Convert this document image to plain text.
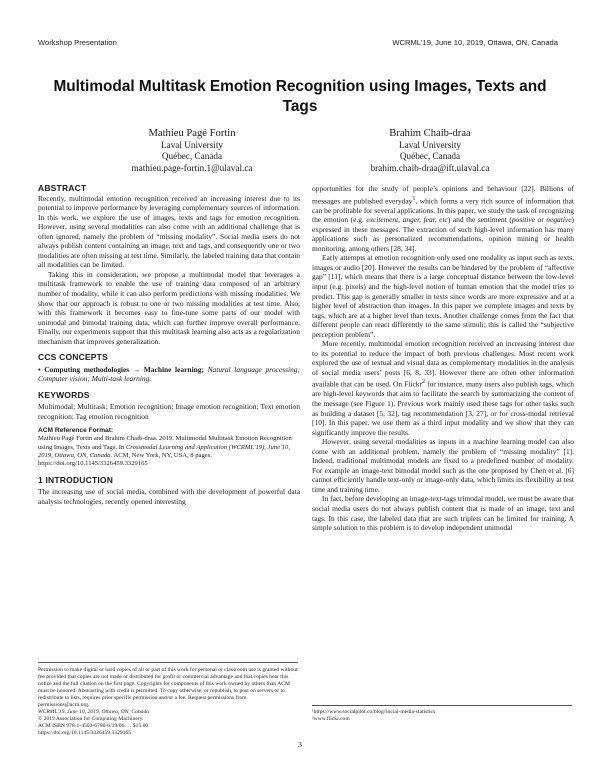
Workshop Presentation	WCRML'19, June 10, 2019, Ottawa, ON, Canada
Multimodal Multitask Emotion Recognition using Images, Texts and Tags
Mathieu Pagé Fortin
Laval University
Québec, Canada
mathieu.page-fortin.1@ulaval.ca
Brahim Chaib-draa
Laval University
Québec, Canada
brahim.chaib-draa@ift.ulaval.ca
ABSTRACT

Recently, multimodal emotion recognition received an increasing interest due to its potential to improve performance by leveraging complementary sources of information. In this work, we explore the use of images, texts and tags for emotion recognition. However, using several modalities can also come with an additional challenge that is often ignored, namely the problem of “missing modality”. Social media users do not always publish content containing an image, text and tags, and consequently one or two modalities are often missing at test time. Similarly, the labeled training data that contain all modalities can be limited.

Taking this in consideration, we propose a multimodal model that leverages a multitask framework to enable the use of training data composed of an arbitrary number of modality, while it can also perform predictions with missing modalities. We show that our approach is robust to one or two missing modalities at test time. Also, with this framework it becomes easy to fine-tune some parts of our model with unimodal and bimodal training data, which can further improve overall performance. Finally, our experiments support that this multitask learning also acts as a regularization mechanism that improves generalization.

CCS CONCEPTS

• Computing methodologies → Machine learning; Natural language processing; Computer vision; Multi-task learning.

KEYWORDS

Multimodal; Multitask; Emotion recognition; Image emotion recognition; Text emotion recognition; Tag emotion recognition

ACM Reference Format:

Mathieu Pagé Fortin and Brahim Chaib-draa. 2019. Multimodal Multitask Emotion Recognition using Images, Texts and Tags. In Crossmodal Learning and Application (WCRML'19), June 10, 2019, Ottawa, ON, Canada. ACM, New York, NY, USA, 8 pages. https://doi.org/10.1145/3326459.3329165

1 INTRODUCTION

The increasing use of social media, combined with the development of powerful data analysis technologies, recently opened interesting

Permission to make digital or hard copies of all or part of this work for personal or classroom use is granted without fee provided that copies are not made or distributed for profit or commercial advantage and that copies bear this notice and the full citation on the first page. Copyrights for components of this work owned by others than ACM must be honored. Abstracting with credit is permitted. To copy otherwise, or republish, to post on servers or to redistribute to lists, requires prior specific permission and/or a fee. Request permissions from permissions@acm.org.

WCRML'19, June 10, 2019, Ottawa, ON, Canada

© 2019 Association for Computing Machinery.

ACM ISBN 978-1-4503-6780-6/19/06. . . $15.00

https://doi.org/10.1145/3326459.3329165

opportunities for the study of people’s opinions and behaviour [22]. Billions of messages are published everyday$^1$, which forms a very rich source of information that can be profitable for several applications. In this paper, we study the task of recognizing the emotion (e.g. excitement, anger, fear, etc) and the sentiment (positive or negative) expressed in these messages. The extraction of such high-level information has many applications such as personalized recommendations, opinion mining or health monitoring, among others [28, 34].

Early attempts at emotion recognition only used one modality as input such as texts, images or audio [20]. However the results can be hindered by the problem of “affective gap” [11], which means that there is a large conceptual distance between the low-level input (e.g. pixels) and the high-level notion of human emotion that the model tries to predict. This gap is generally smaller in texts since words are more expressive and at a higher level of abstraction than images. In this paper we complete images and texts by tags, which are at a higher level than texts. Another challenge comes from the fact that different people can react differently to the same stimuli; this is called the “subjective perception problem”.

More recently, multimodal emotion recognition received an increasing interest due to its potential to reduce the impact of both previous challenges. Most recent work explored the use of textual and visual data as complementary modalities in the analysis of social media users’ posts [6, 8, 33]. However there are often other information available that can be used. On Flickr$^2$ for instance, many users also publish tags, which are high-level keywords that aim to facilitate the search by summarizing the content of the message (see Figure 1). Previous work mainly used these tags for other tasks such as building a dataset [5, 32], tag recommendation [3, 27], or for cross-modal retrieval [10]. In this paper, we use them as a third input modality and we show that they can significantly improve the results.

However, using several modalities as inputs in a machine learning model can also come with an additional problem, namely the problem of “missing modality” [1]. Indeed, traditional multimodal models are fixed to a predefined number of modality. For example an image-text bimodal model such as the one proposed by Chen et al. [6] cannot efficiently handle text-only or image-only data, which limits its flexibility at test time and training time.

In fact, before developing an image-text-tags trimodal model, we must be aware that social media users do not always publish content that is made of an image, text and tags. In this case, the labeled data that are such triplets can be limited for training. A simple solution to this problem is to develop independent unimodal

¹https://www.socialpilot.co/blog/social-media-statistics

²www.flickr.com

3
